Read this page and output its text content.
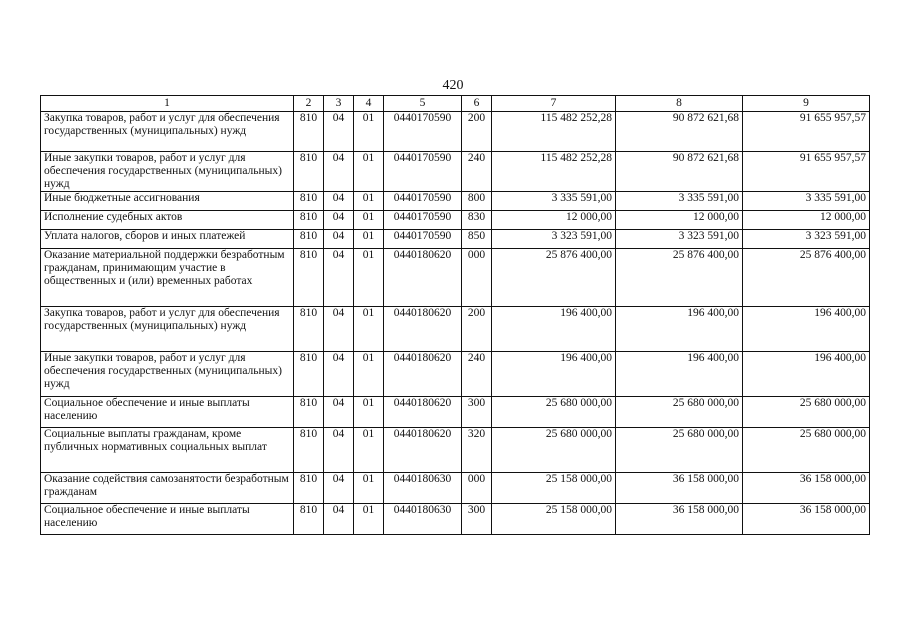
420
1	2	3	4	5	6	7	8	9
Закупка товаров, работ и услуг для обеспечения государственных (муниципальных) нужд	810	04	01	0440170590	200	115 482 252,28	90 872 621,68	91 655 957,57
Иные закупки товаров, работ и услуг для обеспечения государственных (муниципальных) нужд	810	04	01	0440170590	240	115 482 252,28	90 872 621,68	91 655 957,57
Иные бюджетные ассигнования	810	04	01	0440170590	800	3 335 591,00	3 335 591,00	3 335 591,00
Исполнение судебных актов	810	04	01	0440170590	830	12 000,00	12 000,00	12 000,00
Уплата налогов, сборов и иных платежей	810	04	01	0440170590	850	3 323 591,00	3 323 591,00	3 323 591,00
Оказание материальной поддержки безработным гражданам, принимающим участие в общественных и (или) временных работах	810	04	01	0440180620	000	25 876 400,00	25 876 400,00	25 876 400,00
Закупка товаров, работ и услуг для обеспечения государственных (муниципальных) нужд	810	04	01	0440180620	200	196 400,00	196 400,00	196 400,00
Иные закупки товаров, работ и услуг для обеспечения государственных (муниципальных) нужд	810	04	01	0440180620	240	196 400,00	196 400,00	196 400,00
Социальное обеспечение и иные выплаты населению	810	04	01	0440180620	300	25 680 000,00	25 680 000,00	25 680 000,00
Социальные выплаты гражданам, кроме публичных нормативных социальных выплат	810	04	01	0440180620	320	25 680 000,00	25 680 000,00	25 680 000,00
Оказание содействия самозанятости безработным гражданам	810	04	01	0440180630	000	25 158 000,00	36 158 000,00	36 158 000,00
Социальное обеспечение и иные выплаты населению	810	04	01	0440180630	300	25 158 000,00	36 158 000,00	36 158 000,00
